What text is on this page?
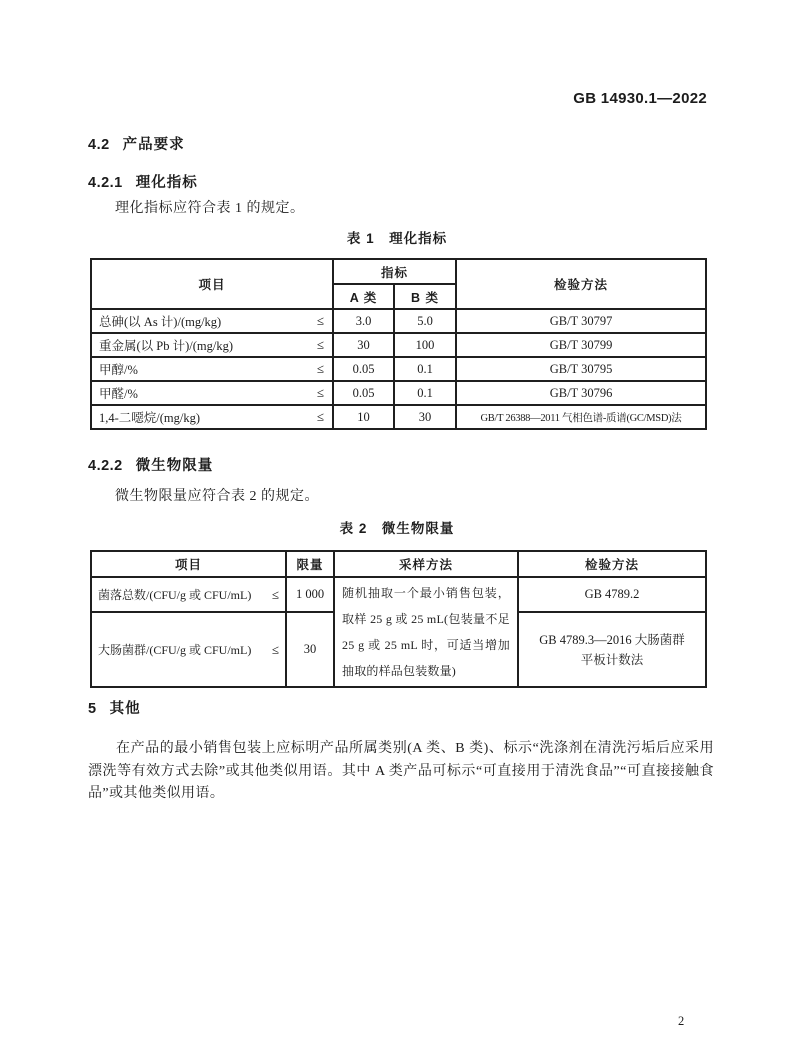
GB 14930.1—2022
4.2 产品要求
4.2.1 理化指标
理化指标应符合表 1 的规定。
表 1　理化指标
项目	指标		检验方法
	A 类	B 类	

总砷(以 As 计)/(mg/kg) ≤	3.0	5.0	GB/T 30797

重金属(以 Pb 计)/(mg/kg) ≤	30	100	GB/T 30799

甲醇/% ≤	0.05	0.1	GB/T 30795

甲醛/% ≤	0.05	0.1	GB/T 30796

1,4-二噁烷/(mg/kg) ≤	10	30	GB/T 26388—2011 气相色谱-质谱(GC/MSD)法
4.2.2 微生物限量
微生物限量应符合表 2 的规定。
表 2　微生物限量
项目	限量	采样方法	检验方法

菌落总数/(CFU/g 或 CFU/mL) ≤	1 000	随机抽取一个最小销售包装，取样 25 g 或 25 mL(包装量不足 25 g 或 25 mL 时，可适当增加抽取的样品包装数量)	GB 4789.2

大肠菌群/(CFU/g 或 CFU/mL) ≤	30		GB 4789.3—2016 大肠菌群平板计数法
5 其他
在产品的最小销售包装上应标明产品所属类别(A 类、B 类)、标示“洗涤剂在清洗污垢后应采用漂洗等有效方式去除”或其他类似用语。其中 A 类产品可标示“可直接用于清洗食品”“可直接接触食品”或其他类似用语。
2
